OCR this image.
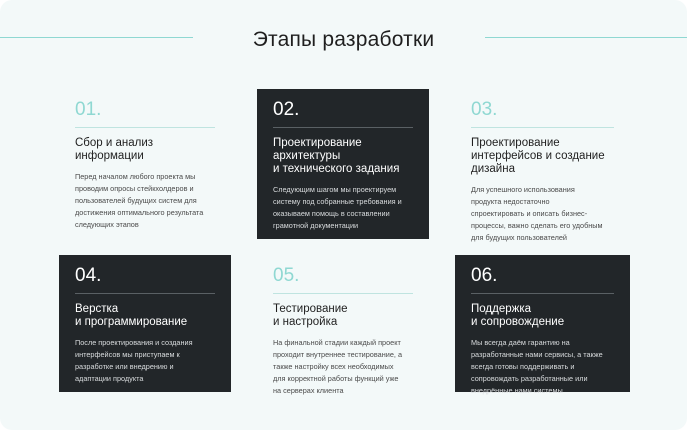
Этапы разработки
01.
Сбор и анализ
информации
Перед началом любого проекта мы
проводим опросы стейкхолдеров и
пользователей будущих систем для
достижения оптимального результата
следующих этапов
02.
Проектирование
архитектуры
и технического задания
Следующим шагом мы проектируем
систему под собранные требования и
оказываем помощь в составлении
грамотной документации
03.
Проектирование
интерфейсов и создание
дизайна
Для успешного использования
продукта недостаточно
спроектировать и описать бизнес-
процессы, важно сделать его удобным
для будущих пользователей
04.
Верстка
и программирование
После проектирования и создания
интерфейсов мы приступаем к
разработке или внедрению и
адаптации продукта
05.
Тестирование
и настройка
На финальной стадии каждый проект
проходит внутреннее тестирование, а
также настройку всех необходимых
для корректной работы функций уже
на серверах клиента
06.
Поддержка
и сопровождение
Мы всегда даём гарантию на
разработанные нами сервисы, а также
всегда готовы поддерживать и
сопровождать разработанные или
внедрённые нами системы
